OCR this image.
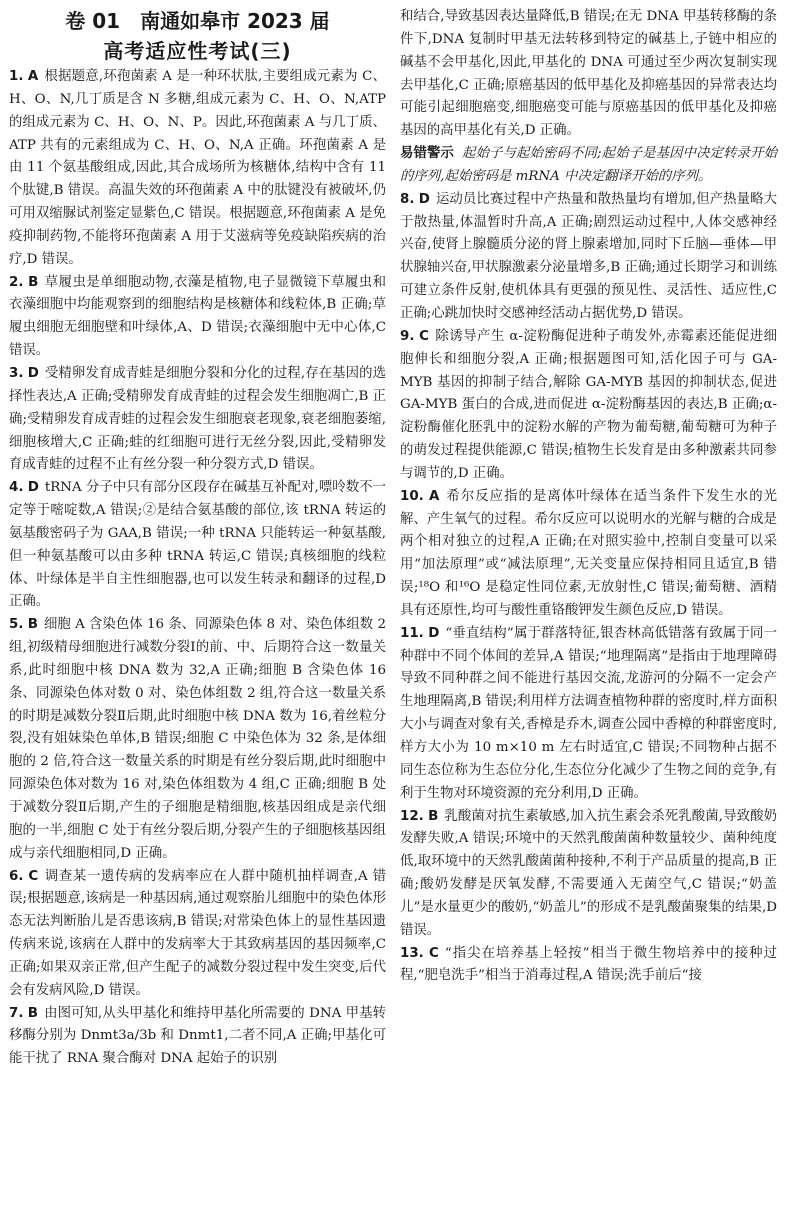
卷 01　南通如皋市 2023 届
高考适应性考试(三)

1. A 根据题意,环孢菌素 A 是一种环状肽,主要组成元素为 C、H、O、N,几丁质是含 N 多糖,组成元素为 C、H、O、N,ATP 的组成元素为 C、H、O、N、P。因此,环孢菌素 A 与几丁质、ATP 共有的元素组成为 C、H、O、N,A 正确。环孢菌素 A 是由 11 个氨基酸组成,因此,其合成场所为核糖体,结构中含有 11 个肽键,B 错误。高温失效的环孢菌素 A 中的肽键没有被破坏,仍可用双缩脲试剂鉴定显紫色,C 错误。根据题意,环孢菌素 A 是免疫抑制药物,不能将环孢菌素 A 用于艾滋病等免疫缺陷疾病的治疗,D 错误。

2. B 草履虫是单细胞动物,衣藻是植物,电子显微镜下草履虫和衣藻细胞中均能观察到的细胞结构是核糖体和线粒体,B 正确;草履虫细胞无细胞壁和叶绿体,A、D 错误;衣藻细胞中无中心体,C 错误。

3. D 受精卵发育成青蛙是细胞分裂和分化的过程,存在基因的选择性表达,A 正确;受精卵发育成青蛙的过程会发生细胞凋亡,B 正确;受精卵发育成青蛙的过程会发生细胞衰老现象,衰老细胞萎缩,细胞核增大,C 正确;蛙的红细胞可进行无丝分裂,因此,受精卵发育成青蛙的过程不止有丝分裂一种分裂方式,D 错误。

4. D tRNA 分子中只有部分区段存在碱基互补配对,嘌呤数不一定等于嘧啶数,A 错误;②是结合氨基酸的部位,该 tRNA 转运的氨基酸密码子为 GAA,B 错误;一种 tRNA 只能转运一种氨基酸,但一种氨基酸可以由多种 tRNA 转运,C 错误;真核细胞的线粒体、叶绿体是半自主性细胞器,也可以发生转录和翻译的过程,D 正确。

5. B 细胞 A 含染色体 16 条、同源染色体 8 对、染色体组数 2 组,初级精母细胞进行减数分裂Ⅰ的前、中、后期符合这一数量关系,此时细胞中核 DNA 数为 32,A 正确;细胞 B 含染色体 16 条、同源染色体对数 0 对、染色体组数 2 组,符合这一数量关系的时期是减数分裂Ⅱ后期,此时细胞中核 DNA 数为 16,着丝粒分裂,没有姐妹染色单体,B 错误;细胞 C 中染色体为 32 条,是体细胞的 2 倍,符合这一数量关系的时期是有丝分裂后期,此时细胞中同源染色体对数为 16 对,染色体组数为 4 组,C 正确;细胞 B 处于减数分裂Ⅱ后期,产生的子细胞是精细胞,核基因组成是亲代细胞的一半,细胞 C 处于有丝分裂后期,分裂产生的子细胞核基因组成与亲代细胞相同,D 正确。

6. C 调查某一遗传病的发病率应在人群中随机抽样调查,A 错误;根据题意,该病是一种基因病,通过观察胎儿细胞中的染色体形态无法判断胎儿是否患该病,B 错误;对常染色体上的显性基因遗传病来说,该病在人群中的发病率大于其致病基因的基因频率,C 正确;如果双亲正常,但产生配子的减数分裂过程中发生突变,后代会有发病风险,D 错误。

7. B 由图可知,从头甲基化和维持甲基化所需要的 DNA 甲基转移酶分别为 Dnmt3a/3b 和 Dnmt1,二者不同,A 正确;甲基化可能干扰了 RNA 聚合酶对 DNA 起始子的识别

和结合,导致基因表达量降低,B 错误;在无 DNA 甲基转移酶的条件下,DNA 复制时甲基无法转移到特定的碱基上,子链中相应的碱基不会甲基化,因此,甲基化的 DNA 可通过至少两次复制实现去甲基化,C 正确;原癌基因的低甲基化及抑癌基因的异常表达均可能引起细胞癌变,细胞癌变可能与原癌基因的低甲基化及抑癌基因的高甲基化有关,D 正确。

易错警示 起始子与起始密码不同;起始子是基因中决定转录开始的序列,起始密码是 mRNA 中决定翻译开始的序列。

8. D 运动员比赛过程中产热量和散热量均有增加,但产热量略大于散热量,体温暂时升高,A 正确;剧烈运动过程中,人体交感神经兴奋,使肾上腺髓质分泌的肾上腺素增加,同时下丘脑—垂体—甲状腺轴兴奋,甲状腺激素分泌量增多,B 正确;通过长期学习和训练可建立条件反射,使机体具有更强的预见性、灵活性、适应性,C 正确;心跳加快时交感神经活动占据优势,D 错误。

9. C 除诱导产生 α-淀粉酶促进种子萌发外,赤霉素还能促进细胞伸长和细胞分裂,A 正确;根据题图可知,活化因子可与 GA-MYB 基因的抑制子结合,解除 GA-MYB 基因的抑制状态,促进 GA-MYB 蛋白的合成,进而促进 α-淀粉酶基因的表达,B 正确;α-淀粉酶催化胚乳中的淀粉水解的产物为葡萄糖,葡萄糖可为种子的萌发过程提供能源,C 错误;植物生长发育是由多种激素共同参与调节的,D 正确。

10. A 希尔反应指的是离体叶绿体在适当条件下发生水的光解、产生氧气的过程。希尔反应可以说明水的光解与糖的合成是两个相对独立的过程,A 正确;在对照实验中,控制自变量可以采用“加法原理”或“减法原理”,无关变量应保持相同且适宜,B 错误;¹⁸O 和¹⁶O 是稳定性同位素,无放射性,C 错误;葡萄糖、酒精具有还原性,均可与酸性重铬酸钾发生颜色反应,D 错误。

11. D “垂直结构”属于群落特征,银杏林高低错落有致属于同一种群中不同个体间的差异,A 错误;“地理隔离”是指由于地理障碍导致不同种群之间不能进行基因交流,龙游河的分隔不一定会产生地理隔离,B 错误;利用样方法调查植物种群的密度时,样方面积大小与调查对象有关,香樟是乔木,调查公园中香樟的种群密度时,样方大小为 10 m×10 m 左右时适宜,C 错误;不同物种占据不同生态位称为生态位分化,生态位分化减少了生物之间的竞争,有利于生物对环境资源的充分利用,D 正确。

12. B 乳酸菌对抗生素敏感,加入抗生素会杀死乳酸菌,导致酸奶发酵失败,A 错误;环境中的天然乳酸菌菌种数量较少、菌种纯度低,取环境中的天然乳酸菌菌种接种,不利于产品质量的提高,B 正确;酸奶发酵是厌氧发酵,不需要通入无菌空气,C 错误;“奶盖儿”是水量更少的酸奶,“奶盖儿”的形成不是乳酸菌聚集的结果,D 错误。

13. C “指尖在培养基上轻按”相当于微生物培养中的接种过程,“肥皂洗手”相当于消毒过程,A 错误;洗手前后“接
